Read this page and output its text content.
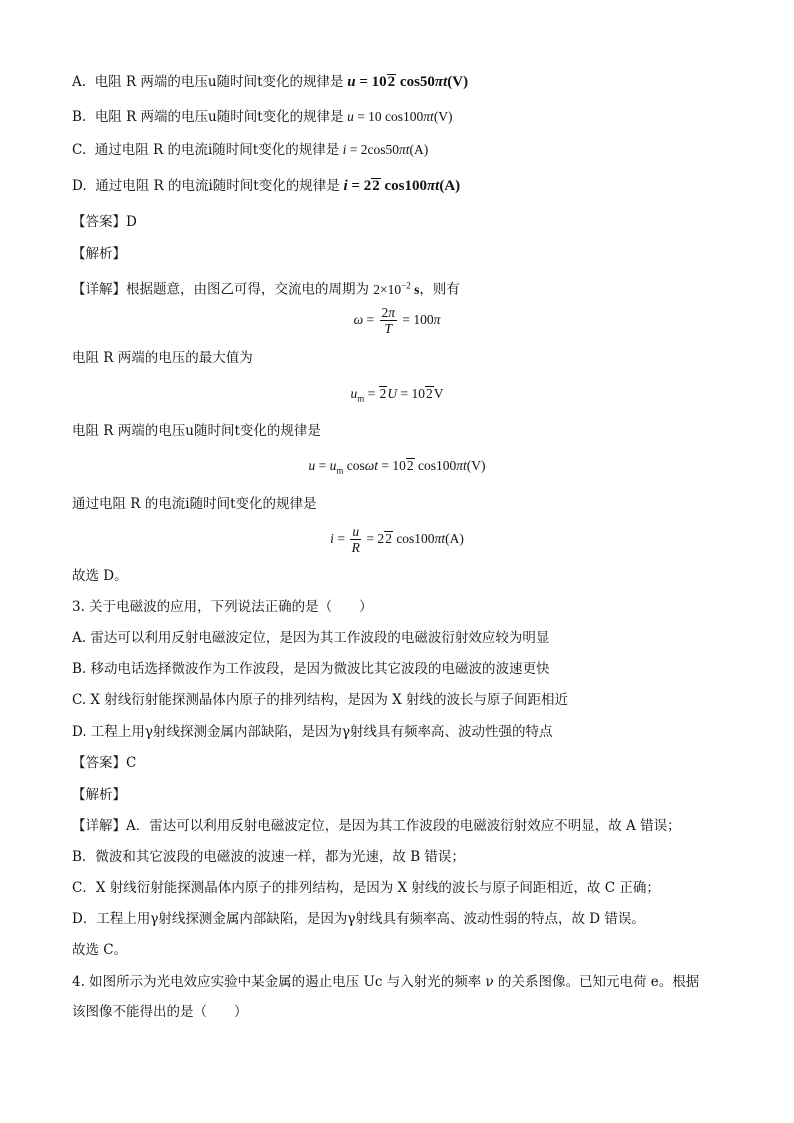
A. 电阻 R 两端的电压u随时间t变化的规律是 u = 102 cos50πt(V)
B. 电阻 R 两端的电压u随时间t变化的规律是 u = 10 cos100πt(V)
C. 通过电阻 R 的电流i随时间t变化的规律是 i = 2cos50πt(A)
D. 通过电阻 R 的电流i随时间t变化的规律是 i = 22 cos100πt(A)
【答案】D
【解析】
【详解】根据题意，由图乙可得，交流电的周期为 $2\times 10^{-2}$ s，则有
$\omega = \frac{2\pi}{T} = 100\pi$
电阻 R 两端的电压的最大值为
$u_m = 2U = 102V$
电阻 R 两端的电压u随时间t变化的规律是
$u = u_m$ cosωt = 102 cos100πt(V)
通过电阻 R 的电流i随时间t变化的规律是
$i = \frac{u}{R} = 22$ cos100πt(A)
故选 D。
3. 关于电磁波的应用，下列说法正确的是（　　）
A. 雷达可以利用反射电磁波定位，是因为其工作波段的电磁波衍射效应较为明显
B. 移动电话选择微波作为工作波段，是因为微波比其它波段的电磁波的波速更快
C. X 射线衍射能探测晶体内原子的排列结构，是因为 X 射线的波长与原子间距相近
D. 工程上用γ射线探测金属内部缺陷，是因为γ射线具有频率高、波动性强的特点
【答案】C
【解析】
【详解】A．雷达可以利用反射电磁波定位，是因为其工作波段的电磁波衍射效应不明显，故 A 错误；
B．微波和其它波段的电磁波的波速一样，都为光速，故 B 错误；
C．X 射线衍射能探测晶体内原子的排列结构，是因为 X 射线的波长与原子间距相近，故 C 正确；
D．工程上用γ射线探测金属内部缺陷，是因为γ射线具有频率高、波动性弱的特点，故 D 错误。
故选 C。
4. 如图所示为光电效应实验中某金属的遏止电压 Uc 与入射光的频率 ν 的关系图像。已知元电荷 e。根据
该图像不能得出的是（　　）
